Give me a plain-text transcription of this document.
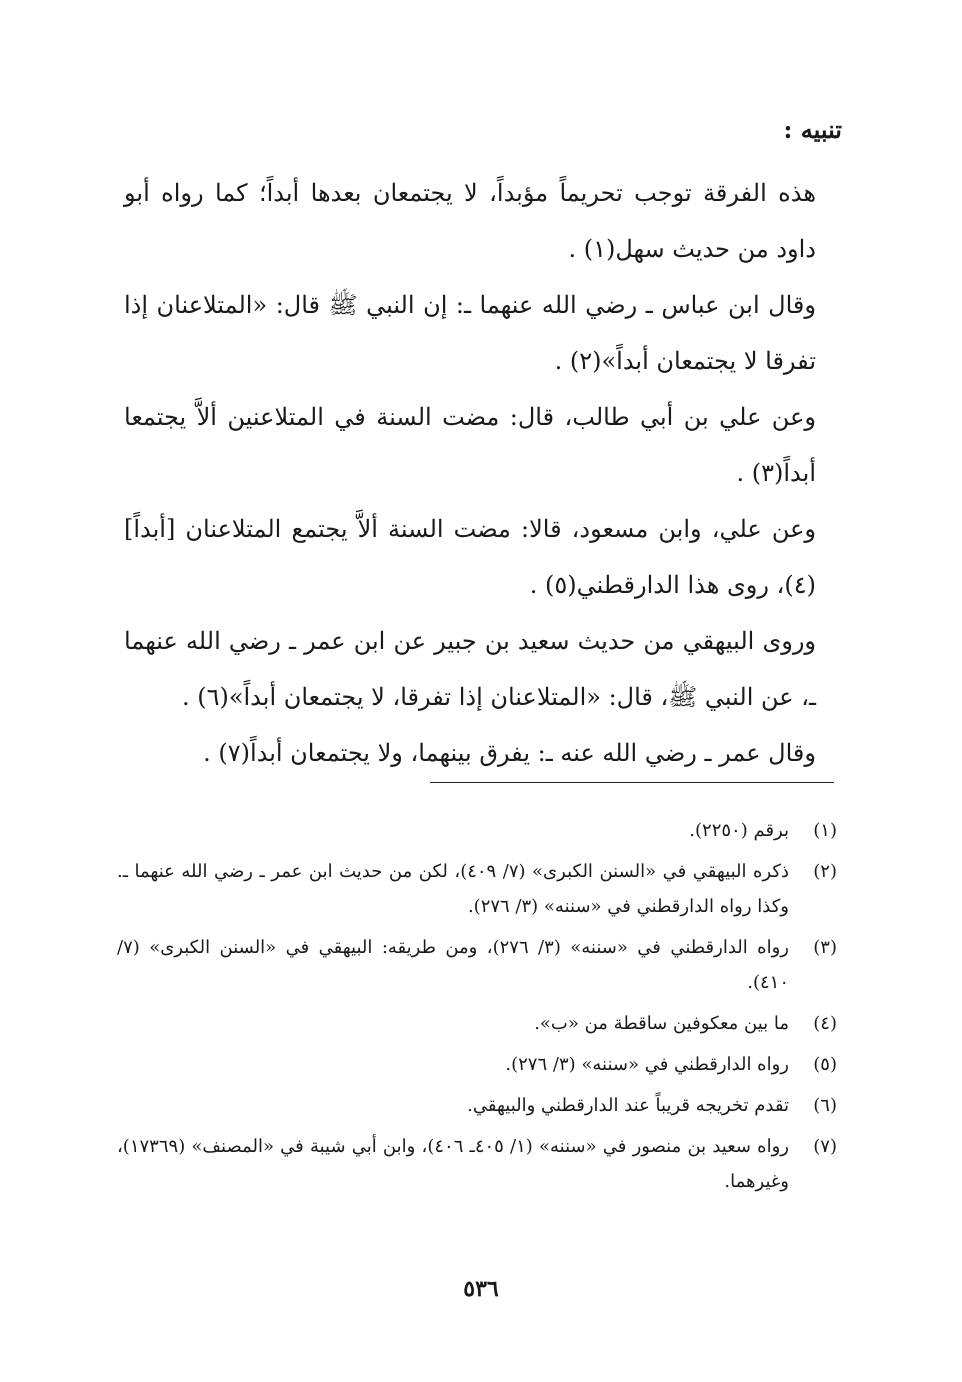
تنبيه :

هذه الفرقة توجب تحريماً مؤبداً، لا يجتمعان بعدها أبداً؛ كما رواه أبو داود من حديث سهل(١) .

وقال ابن عباس ـ رضي الله عنهما ـ: إن النبي ﷺ قال: «المتلاعنان إذا تفرقا لا يجتمعان أبداً»(٢) .

وعن علي بن أبي طالب، قال: مضت السنة في المتلاعنين ألاَّ يجتمعا أبداً(٣) .

وعن علي، وابن مسعود، قالا: مضت السنة ألاَّ يجتمع المتلاعنان [أبداً](٤)، روى هذا الدارقطني(٥) .

وروى البيهقي من حديث سعيد بن جبير عن ابن عمر ـ رضي الله عنهما ـ، عن النبي ﷺ، قال: «المتلاعنان إذا تفرقا، لا يجتمعان أبداً»(٦) .

وقال عمر ـ رضي الله عنه ـ: يفرق بينهما، ولا يجتمعان أبداً(٧) .

(١)
برقم (٢٢٥٠).
(٢)
ذكره البيهقي في «السنن الكبرى» (٧/ ٤٠٩)، لكن من حديث ابن عمر ـ رضي الله عنهما ـ. وكذا رواه الدارقطني في «سننه» (٣/ ٢٧٦).
(٣)
رواه الدارقطني في «سننه» (٣/ ٢٧٦)، ومن طريقه: البيهقي في «السنن الكبرى» (٧/ ٤١٠).
(٤)
ما بين معكوفين ساقطة من «ب».
(٥)
رواه الدارقطني في «سننه» (٣/ ٢٧٦).
(٦)
تقدم تخريجه قريباً عند الدارقطني والبيهقي.
(٧)
رواه سعيد بن منصور في «سننه» (١/ ٤٠٥ـ ٤٠٦)، وابن أبي شيبة في «المصنف» (١٧٣٦٩)، وغيرهما.
٥٣٦
